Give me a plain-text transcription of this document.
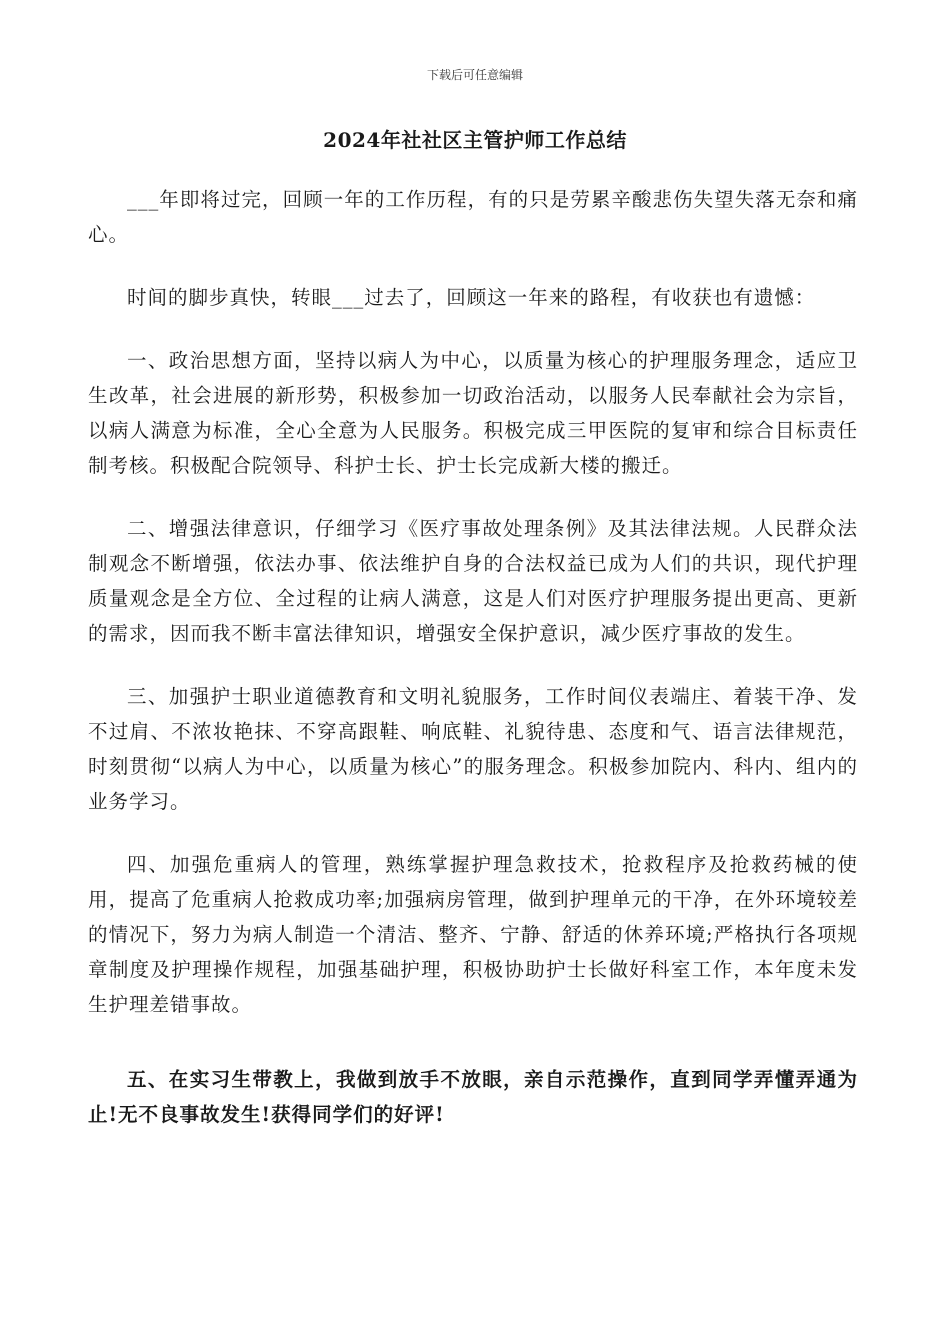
下载后可任意编辑
2024年社社区主管护师工作总结

___年即将过完，回顾一年的工作历程，有的只是劳累辛酸悲伤失望失落无奈和痛心。

时间的脚步真快，转眼___过去了，回顾这一年来的路程，有收获也有遗憾：

一、政治思想方面，坚持以病人为中心，以质量为核心的护理服务理念，适应卫生改革，社会进展的新形势，积极参加一切政治活动，以服务人民奉献社会为宗旨，以病人满意为标准，全心全意为人民服务。积极完成三甲医院的复审和综合目标责任制考核。积极配合院领导、科护士长、护士长完成新大楼的搬迁。

二、增强法律意识，仔细学习《医疗事故处理条例》及其法律法规。人民群众法制观念不断增强，依法办事、依法维护自身的合法权益已成为人们的共识，现代护理质量观念是全方位、全过程的让病人满意，这是人们对医疗护理服务提出更高、更新的需求，因而我不断丰富法律知识，增强安全保护意识，减少医疗事故的发生。

三、加强护士职业道德教育和文明礼貌服务，工作时间仪表端庄、着装干净、发不过肩、不浓妆艳抹、不穿高跟鞋、响底鞋、礼貌待患、态度和气、语言法律规范，时刻贯彻“以病人为中心，以质量为核心”的服务理念。积极参加院内、科内、组内的业务学习。

四、加强危重病人的管理，熟练掌握护理急救技术，抢救程序及抢救药械的使用，提高了危重病人抢救成功率;加强病房管理，做到护理单元的干净，在外环境较差的情况下，努力为病人制造一个清洁、整齐、宁静、舒适的休养环境;严格执行各项规章制度及护理操作规程，加强基础护理，积极协助护士长做好科室工作，本年度未发生护理差错事故。

五、在实习生带教上，我做到放手不放眼，亲自示范操作，直到同学弄懂弄通为止!无不良事故发生!获得同学们的好评!
